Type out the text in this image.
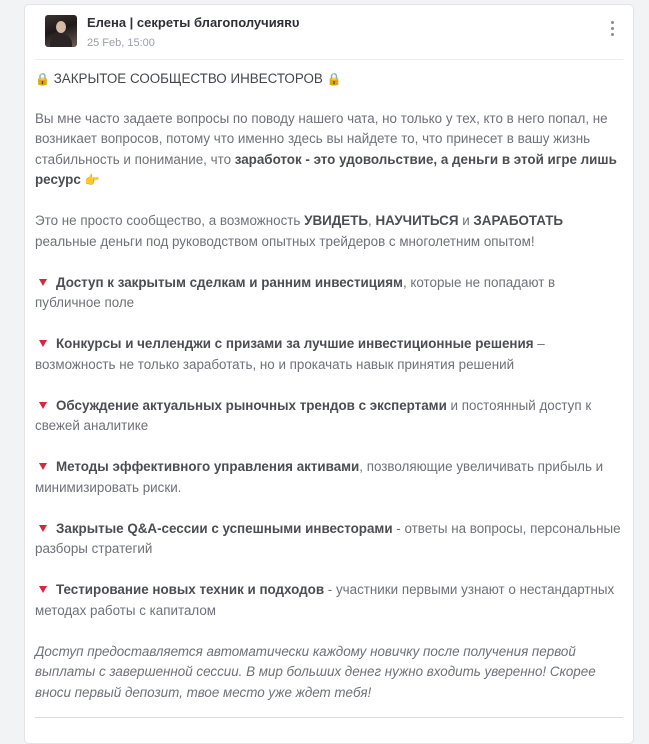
Елена | секреты благополучияʀᴜ
25 Feb, 15:00

🔒 ЗАКРЫТОЕ СООБЩЕСТВО ИНВЕСТОРОВ 🔒

Вы мне часто задаете вопросы по поводу нашего чата, но только у тех, кто в него попал, не возникает вопросов, потому что именно здесь вы найдете то, что принесет в вашу жизнь стабильность и понимание, что заработок - это удовольствие, а деньги в этой игре лишь ресурс 👉

Это не просто сообщество, а возможность УВИДЕТЬ, НАУЧИТЬСЯ и ЗАРАБОТАТЬ реальные деньги под руководством опытных трейдеров с многолетним опытом!

Доступ к закрытым сделкам и ранним инвестициям, которые не попадают в публичное поле

Конкурсы и челленджи с призами за лучшие инвестиционные решения – возможность не только заработать, но и прокачать навык принятия решений

Обсуждение актуальных рыночных трендов с экспертами и постоянный доступ к свежей аналитике

Методы эффективного управления активами, позволяющие увеличивать прибыль и минимизировать риски.

Закрытые Q&A-сессии с успешными инвесторами - ответы на вопросы, персональные разборы стратегий

Тестирование новых техник и подходов - участники первыми узнают о нестандартных методах работы с капиталом

Доступ предоставляется автоматически каждому новичку после получения первой выплаты с завершенной сессии. В мир больших денег нужно входить уверенно! Скорее вноси первый депозит, твое место уже ждет тебя!
